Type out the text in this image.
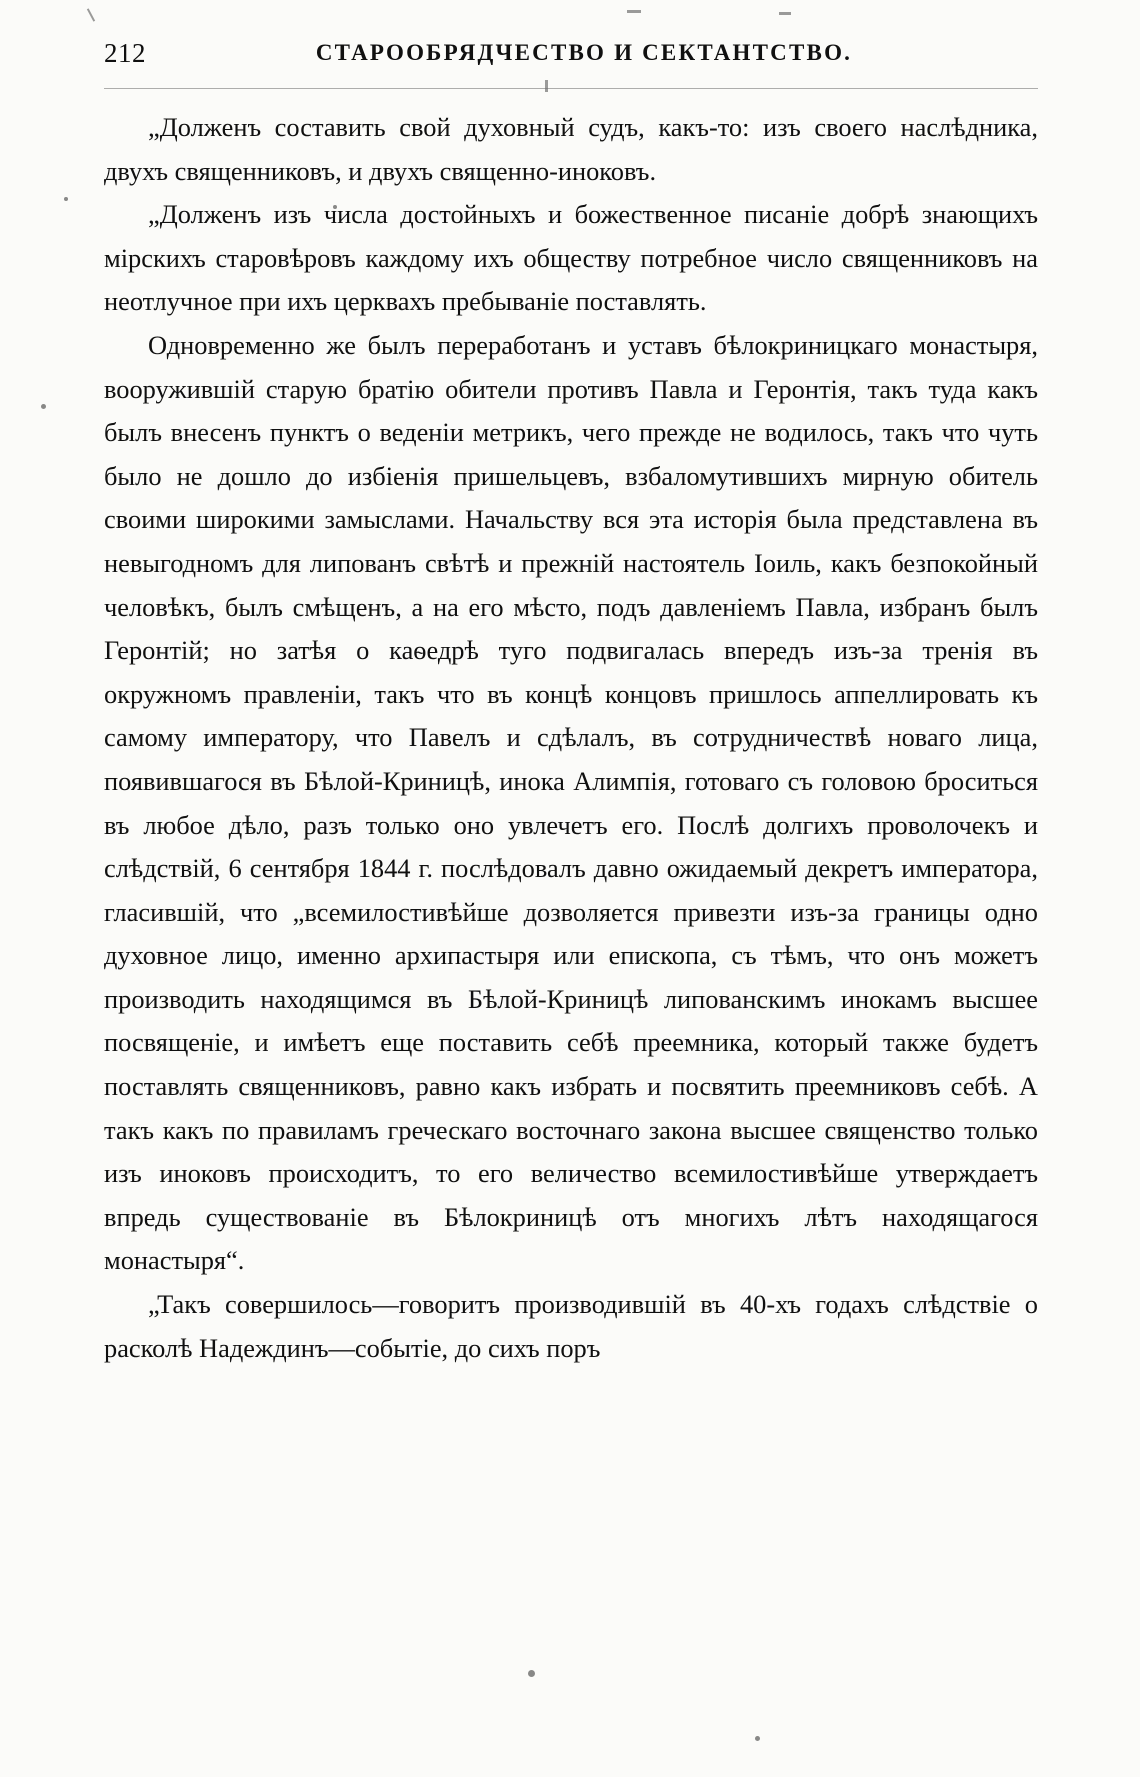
212	СТАРООБРЯДЧЕСТВО И СЕКТАНТСТВО.

„Долженъ составить свой духовный судъ, какъ-то: изъ своего наслѣдника, двухъ священниковъ, и двухъ священно-иноковъ.

„Долженъ изъ числа достойныхъ и божественное писаніе добрѣ знающихъ мірскихъ старовѣровъ каждому ихъ обществу потребное число священниковъ на неотлучное при ихъ церквахъ пребываніе поставлять.

Одновременно же былъ переработанъ и уставъ бѣлокриницкаго монастыря, вооружившій старую братію обители противъ Павла и Геронтія, такъ туда какъ былъ внесенъ пунктъ о веденіи метрикъ, чего прежде не водилось, такъ что чуть было не дошло до избіенія пришельцевъ, взбаломутившихъ мирную обитель своими широкими замыслами. Начальству вся эта исторія была представлена въ невыгодномъ для липованъ свѣтѣ и прежній настоятель Іоиль, какъ безпокойный человѣкъ, былъ смѣщенъ, а на его мѣсто, подъ давленіемъ Павла, избранъ былъ Геронтій; но затѣя о каѳедрѣ туго подвигалась впередъ изъ-за тренія въ окружномъ правленіи, такъ что въ концѣ концовъ пришлось аппеллировать къ самому императору, что Павелъ и сдѣлалъ, въ сотрудничествѣ новаго лица, появившагося въ Бѣлой-Криницѣ, инока Алимпія, готоваго съ головою броситься въ любое дѣло, разъ только оно увлечетъ его. Послѣ долгихъ проволочекъ и слѣдствій, 6 сентября 1844 г. послѣдовалъ давно ожидаемый декретъ императора, гласившій, что „всемилостивѣйше дозволяется привезти изъ-за границы одно духовное лицо, именно архипастыря или епископа, съ тѣмъ, что онъ можетъ производить находящимся въ Бѣлой-Криницѣ липованскимъ инокамъ высшее посвященіе, и имѣетъ еще поставить себѣ преемника, который также будетъ поставлять священниковъ, равно какъ избрать и посвятить преемниковъ себѣ. А такъ какъ по правиламъ греческаго восточнаго закона высшее священство только изъ иноковъ происходитъ, то его величество всемилостивѣйше утверждаетъ впредь существованіе въ Бѣлокриницѣ отъ многихъ лѣтъ находящагося монастыря“.

„Такъ совершилось—говоритъ производившій въ 40-хъ годахъ слѣдствіе о расколѣ Надеждинъ—событіе, до сихъ поръ
